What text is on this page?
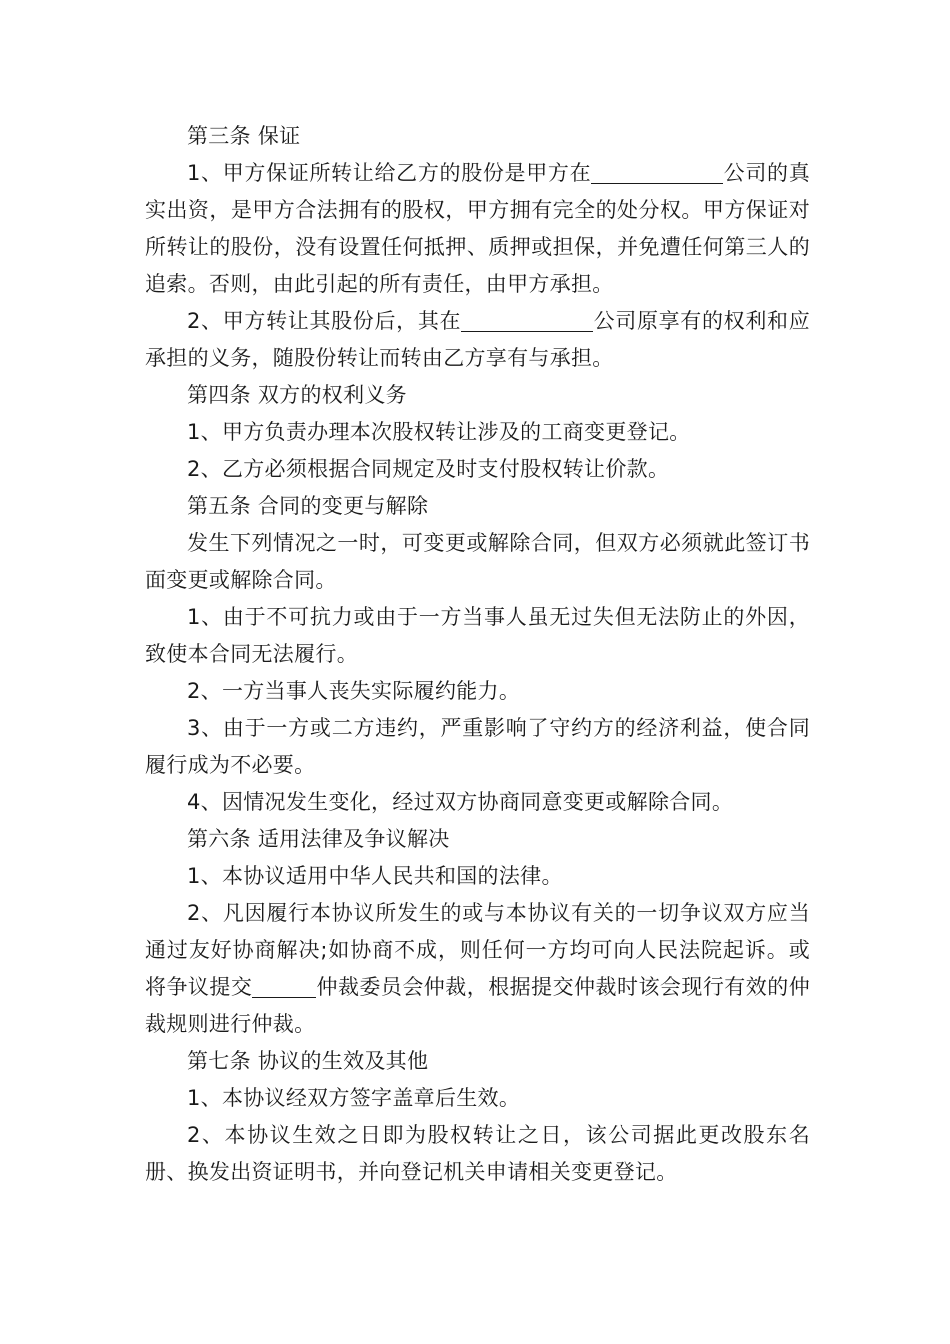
第三条 保证

1、甲方保证所转让给乙方的股份是甲方在	公司的真实出资，是甲方合法拥有的股权，甲方拥有完全的处分权。甲方保证对所转让的股份，没有设置任何抵押、质押或担保，并免遭任何第三人的追索。否则，由此引起的所有责任，由甲方承担。

2、甲方转让其股份后，其在	公司原享有的权利和应承担的义务，随股份转让而转由乙方享有与承担。

第四条 双方的权利义务

1、甲方负责办理本次股权转让涉及的工商变更登记。

2、乙方必须根据合同规定及时支付股权转让价款。

第五条 合同的变更与解除

发生下列情况之一时，可变更或解除合同，但双方必须就此签订书面变更或解除合同。

1、由于不可抗力或由于一方当事人虽无过失但无法防止的外因，致使本合同无法履行。

2、一方当事人丧失实际履约能力。

3、由于一方或二方违约，严重影响了守约方的经济利益，使合同履行成为不必要。

4、因情况发生变化，经过双方协商同意变更或解除合同。

第六条 适用法律及争议解决

1、本协议适用中华人民共和国的法律。

2、凡因履行本协议所发生的或与本协议有关的一切争议双方应当通过友好协商解决;如协商不成，则任何一方均可向人民法院起诉。或将争议提交	仲裁委员会仲裁，根据提交仲裁时该会现行有效的仲裁规则进行仲裁。

第七条 协议的生效及其他

1、本协议经双方签字盖章后生效。

2、本协议生效之日即为股权转让之日，该公司据此更改股东名册、换发出资证明书，并向登记机关申请相关变更登记。
